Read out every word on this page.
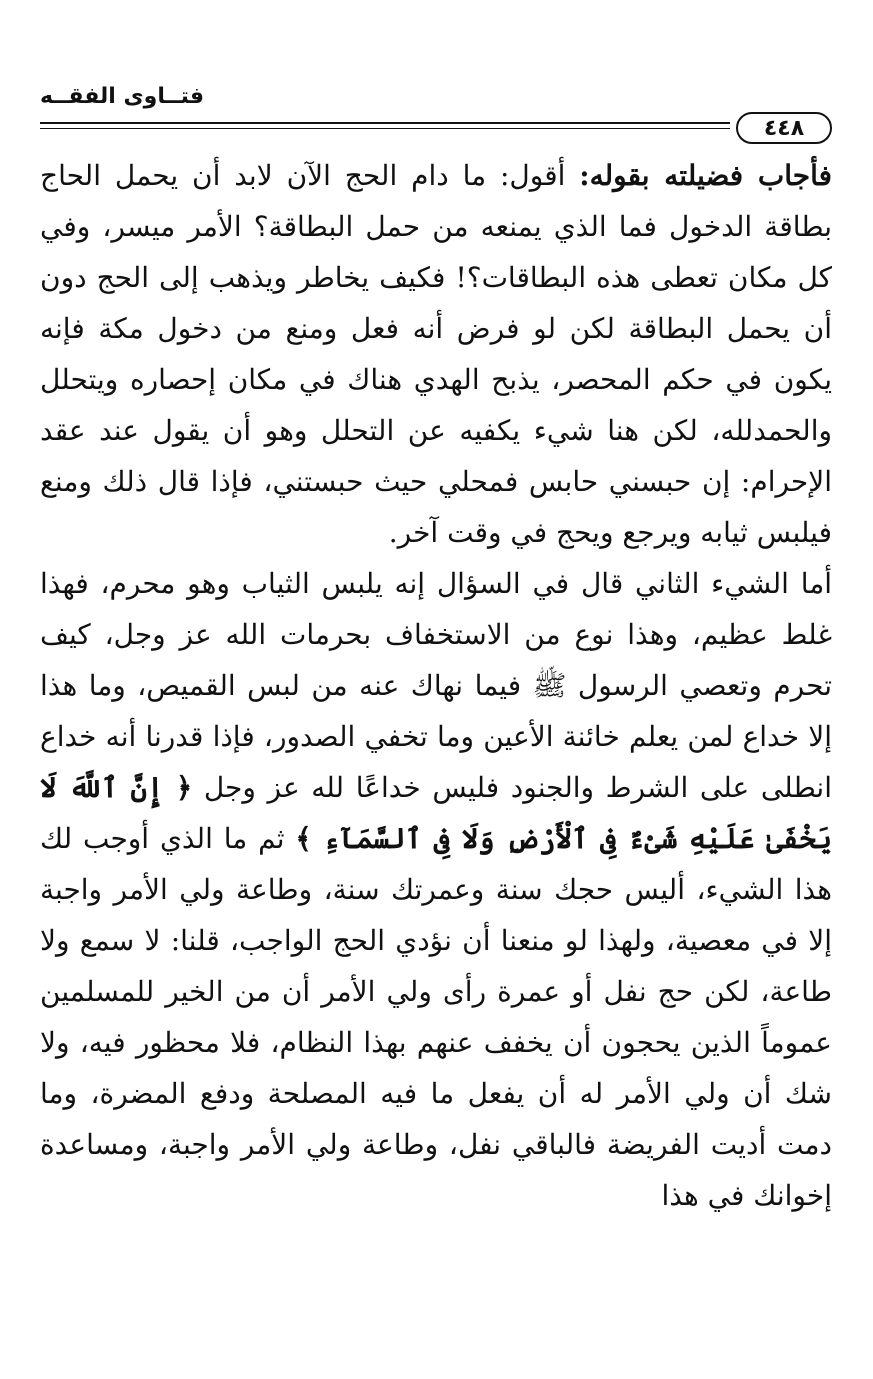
فتــاوى الفقــه
٤٤٨

فأجاب فضيلته بقوله: أقول: ما دام الحج الآن لابد أن يحمل الحاج بطاقة الدخول فما الذي يمنعه من حمل البطاقة؟ الأمر ميسر، وفي كل مكان تعطى هذه البطاقات؟! فكيف يخاطر ويذهب إلى الحج دون أن يحمل البطاقة لكن لو فرض أنه فعل ومنع من دخول مكة فإنه يكون في حكم المحصر، يذبح الهدي هناك في مكان إحصاره ويتحلل والحمدلله، لكن هنا شيء يكفيه عن التحلل وهو أن يقول عند عقد الإحرام: إن حبسني حابس فمحلي حيث حبستني، فإذا قال ذلك ومنع فيلبس ثيابه ويرجع ويحج في وقت آخر.

أما الشيء الثاني قال في السؤال إنه يلبس الثياب وهو محرم، فهذا غلط عظيم، وهذا نوع من الاستخفاف بحرمات الله عز وجل، كيف تحرم وتعصي الرسول ﷺ فيما نهاك عنه من لبس القميص، وما هذا إلا خداع لمن يعلم خائنة الأعين وما تخفي الصدور، فإذا قدرنا أنه خداع انطلى على الشرط والجنود فليس خداعًا لله عز وجل ﴿ إِنَّ ٱللَّهَ لَا يَخْفَىٰ عَلَيْهِ شَىْءٌ فِى ٱلْأَرْضِ وَلَا فِى ٱلسَّمَآءِ ﴾ ثم ما الذي أوجب لك هذا الشيء، أليس حجك سنة وعمرتك سنة، وطاعة ولي الأمر واجبة إلا في معصية، ولهذا لو منعنا أن نؤدي الحج الواجب، قلنا: لا سمع ولا طاعة، لكن حج نفل أو عمرة رأى ولي الأمر أن من الخير للمسلمين عموماً الذين يحجون أن يخفف عنهم بهذا النظام، فلا محظور فيه، ولا شك أن ولي الأمر له أن يفعل ما فيه المصلحة ودفع المضرة، وما دمت أديت الفريضة فالباقي نفل، وطاعة ولي الأمر واجبة، ومساعدة إخوانك في هذا
